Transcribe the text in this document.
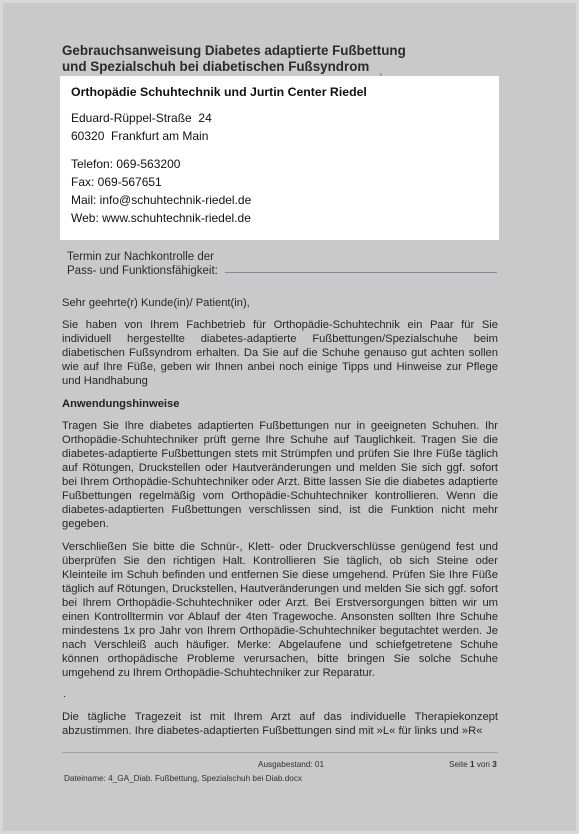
Gebrauchsanweisung Diabetes adaptierte Fußbettung
und Spezialschuh bei diabetischen Fußsyndrom
Orthopädie Schuhtechnik und Jurtin Center Riedel
Eduard-Rüppel-Straße  24
60320  Frankfurt am Main
Telefon: 069-563200
Fax: 069-567651
Mail: info@schuhtechnik-riedel.de
Web: www.schuhtechnik-riedel.de
Termin zur Nachkontrolle der
Pass- und Funktionsfähigkeit:
Sehr geehrte(r) Kunde(in)/ Patient(in),
Sie haben von Ihrem Fachbetrieb für Orthopädie-Schuhtechnik ein Paar für Sie individuell hergestellte diabetes-adaptierte Fußbettungen/Spezialschuhe beim diabetischen Fußsyndrom erhalten. Da Sie auf die Schuhe genauso gut achten sollen wie auf Ihre Füße, geben wir Ihnen anbei noch einige Tipps und Hinweise zur Pflege und Handhabung
Anwendungshinweise
Tragen Sie Ihre diabetes adaptierten Fußbettungen nur in geeigneten Schuhen. Ihr Orthopädie-Schuhtechniker prüft gerne Ihre Schuhe auf Tauglichkeit. Tragen Sie die diabetes-adaptierte Fußbettungen stets mit Strümpfen und prüfen Sie Ihre Füße täglich auf Rötungen, Druckstellen oder Hautveränderungen und melden Sie sich ggf. sofort bei Ihrem Orthopädie-Schuhtechniker oder Arzt. Bitte lassen Sie die diabetes adaptierte Fußbettungen regelmäßig vom Orthopädie-Schuhtechniker kontrollieren. Wenn die diabetes-adaptierten Fußbettungen verschlissen sind, ist die Funktion nicht mehr gegeben.
Verschließen Sie bitte die Schnür-, Klett- oder Druckverschlüsse genügend fest und überprüfen Sie den richtigen Halt. Kontrollieren Sie täglich, ob sich Steine oder Kleinteile im Schuh befinden und entfernen Sie diese umgehend. Prüfen Sie Ihre Füße täglich auf Rötungen, Druckstellen, Hautveränderungen und melden Sie sich ggf. sofort bei Ihrem Orthopädie-Schuhtechniker oder Arzt. Bei Erstversorgungen bitten wir um einen Kontrolltermin vor Ablauf der 4ten Tragewoche. Ansonsten sollten Ihre Schuhe mindestens 1x pro Jahr von Ihrem Orthopädie-Schuhtechniker begutachtet werden. Je nach Verschleiß auch häufiger. Merke: Abgelaufene und schiefgetretene Schuhe können orthopädische Probleme verursachen, bitte bringen Sie solche Schuhe umgehend zu Ihrem Orthopädie-Schuhtechniker zur Reparatur.
.
Die tägliche Tragezeit ist mit Ihrem Arzt auf das individuelle Therapiekonzept abzustimmen. Ihre diabetes-adaptierten Fußbettungen sind mit »L« für links und »R«
Ausgabestand: 01	Seite 1 von 3
Dateiname: 4_GA_Diab. Fußbettung, Spezialschuh bei Diab.docx
